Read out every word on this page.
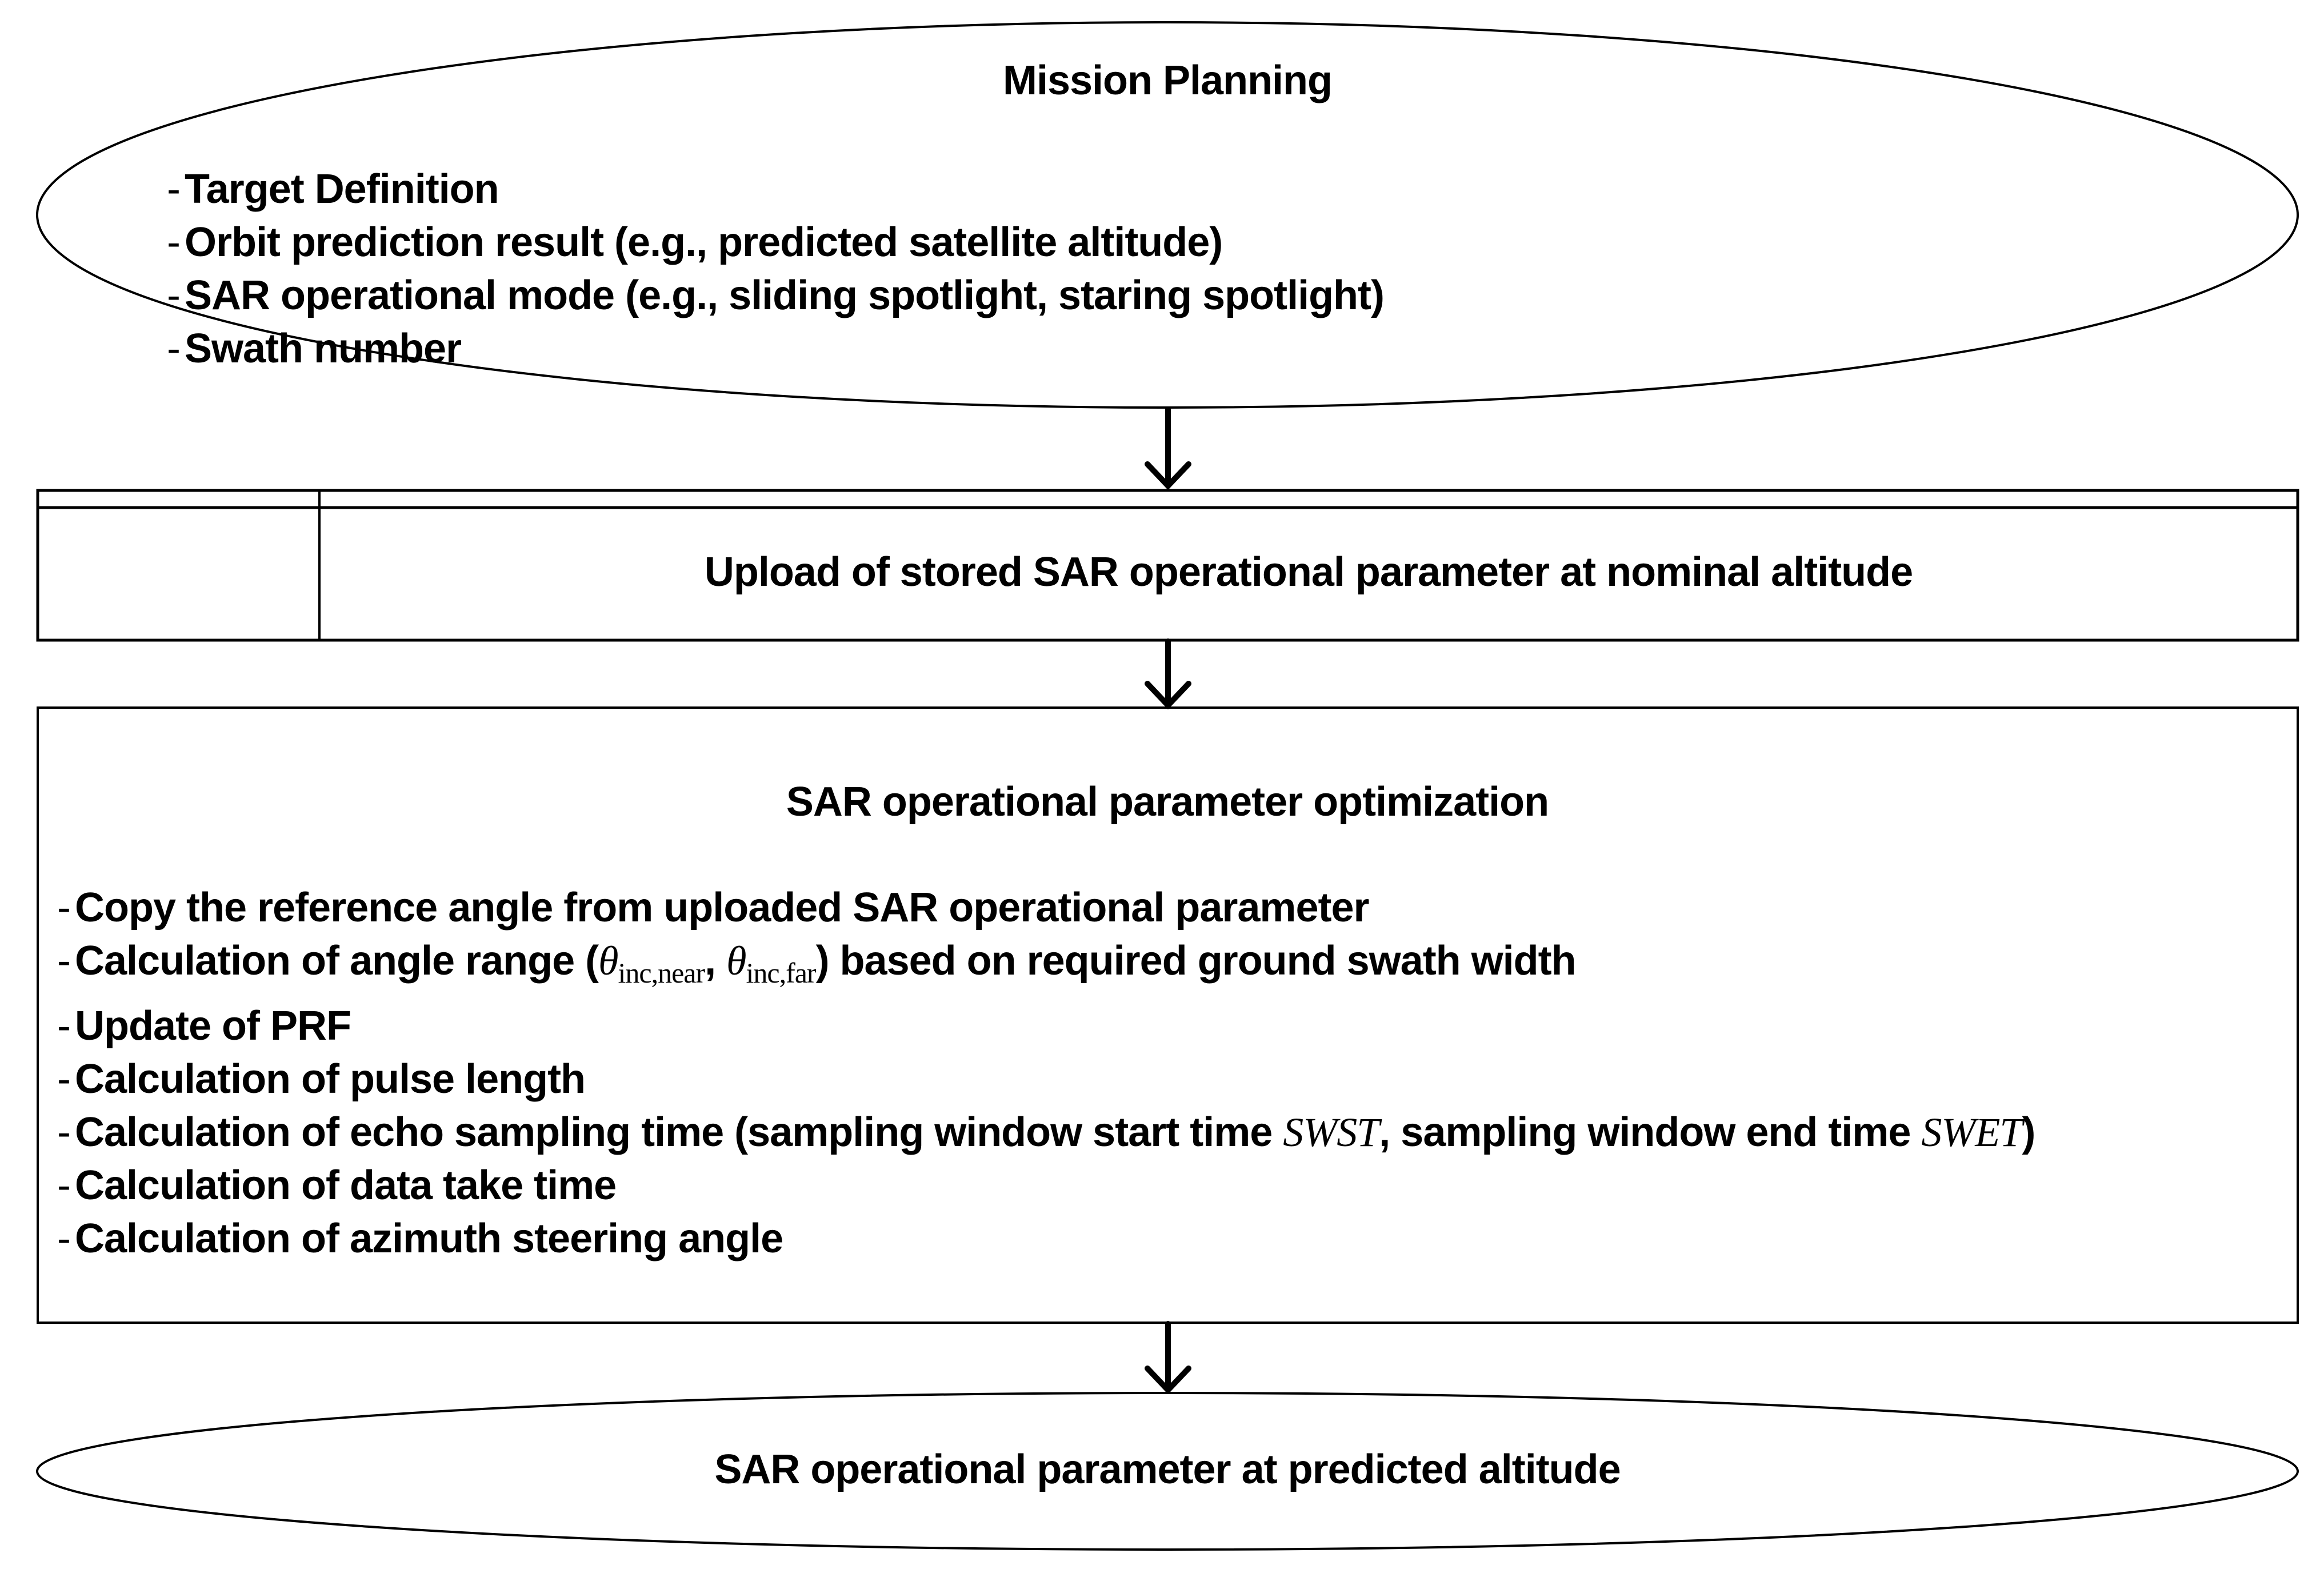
Mission Planning
- Target Definition
- Orbit prediction result (e.g., predicted satellite altitude)
- SAR operational mode (e.g., sliding spotlight, staring spotlight)
- Swath number
Upload of stored SAR operational parameter at nominal altitude
SAR operational parameter optimization
- Copy the reference angle from uploaded SAR operational parameter
- Calculation of angle range ($\theta_{inc,near}$, $\theta_{inc,far}$) based on required ground swath width
- Update of PRF
- Calculation of pulse length
- Calculation of echo sampling time (sampling window start time SWST, sampling window end time SWET)
- Calculation of data take time
- Calculation of azimuth steering angle
SAR operational parameter at predicted altitude
